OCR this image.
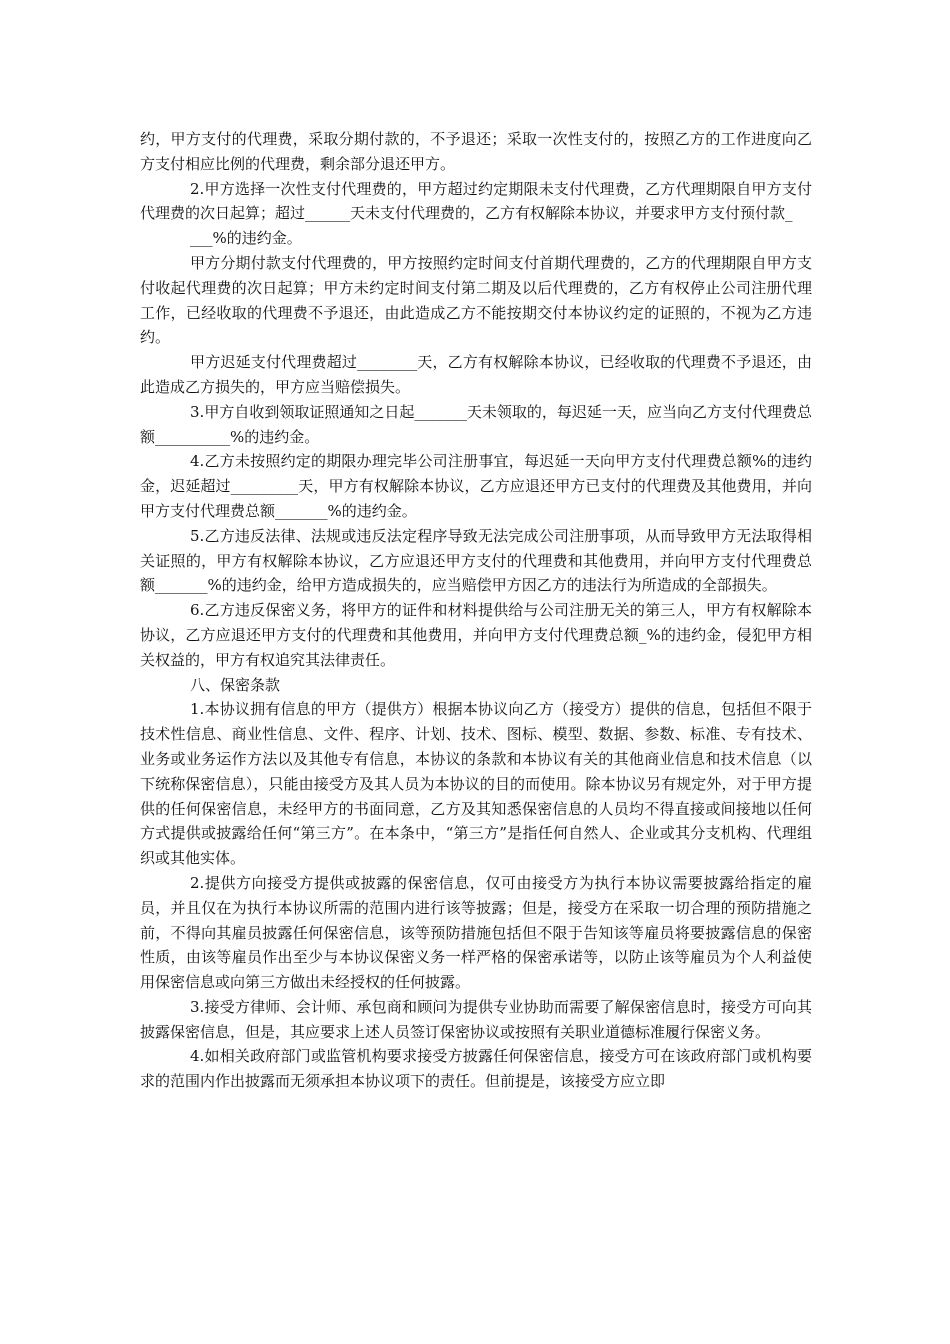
约，甲方支付的代理费，采取分期付款的，不予退还；采取一次性支付的，按照乙方的工作进度向乙方支付相应比例的代理费，剩余部分退还甲方。

2.甲方选择一次性支付代理费的，甲方超过约定期限未支付代理费，乙方代理期限自甲方支付代理费的次日起算；超过______天未支付代理费的，乙方有权解除本协议，并要求甲方支付预付款_

___%的违约金。

甲方分期付款支付代理费的，甲方按照约定时间支付首期代理费的，乙方的代理期限自甲方支付收起代理费的次日起算；甲方未约定时间支付第二期及以后代理费的，乙方有权停止公司注册代理工作，已经收取的代理费不予退还，由此造成乙方不能按期交付本协议约定的证照的，不视为乙方违约。

甲方迟延支付代理费超过________天，乙方有权解除本协议，已经收取的代理费不予退还，由此造成乙方损失的，甲方应当赔偿损失。

3.甲方自收到领取证照通知之日起_______天未领取的，每迟延一天，应当向乙方支付代理费总额__________%的违约金。

4.乙方未按照约定的期限办理完毕公司注册事宜，每迟延一天向甲方支付代理费总额%的违约金，迟延超过_________天，甲方有权解除本协议，乙方应退还甲方已支付的代理费及其他费用，并向甲方支付代理费总额_______%的违约金。

5.乙方违反法律、法规或违反法定程序导致无法完成公司注册事项，从而导致甲方无法取得相关证照的，甲方有权解除本协议，乙方应退还甲方支付的代理费和其他费用，并向甲方支付代理费总额_______%的违约金，给甲方造成损失的，应当赔偿甲方因乙方的违法行为所造成的全部损失。

6.乙方违反保密义务，将甲方的证件和材料提供给与公司注册无关的第三人，甲方有权解除本协议，乙方应退还甲方支付的代理费和其他费用，并向甲方支付代理费总额_%的违约金，侵犯甲方相关权益的，甲方有权追究其法律责任。

八、保密条款

1.本协议拥有信息的甲方（提供方）根据本协议向乙方（接受方）提供的信息，包括但不限于技术性信息、商业性信息、文件、程序、计划、技术、图标、模型、数据、参数、标准、专有技术、业务或业务运作方法以及其他专有信息，本协议的条款和本协议有关的其他商业信息和技术信息（以下统称保密信息），只能由接受方及其人员为本协议的目的而使用。除本协议另有规定外，对于甲方提供的任何保密信息，未经甲方的书面同意，乙方及其知悉保密信息的人员均不得直接或间接地以任何方式提供或披露给任何“第三方”。在本条中，“第三方”是指任何自然人、企业或其分支机构、代理组织或其他实体。

2.提供方向接受方提供或披露的保密信息，仅可由接受方为执行本协议需要披露给指定的雇员，并且仅在为执行本协议所需的范围内进行该等披露；但是，接受方在采取一切合理的预防措施之前，不得向其雇员披露任何保密信息，该等预防措施包括但不限于告知该等雇员将要披露信息的保密性质，由该等雇员作出至少与本协议保密义务一样严格的保密承诺等，以防止该等雇员为个人利益使用保密信息或向第三方做出未经授权的任何披露。

3.接受方律师、会计师、承包商和顾问为提供专业协助而需要了解保密信息时，接受方可向其披露保密信息，但是，其应要求上述人员签订保密协议或按照有关职业道德标准履行保密义务。

4.如相关政府部门或监管机构要求接受方披露任何保密信息，接受方可在该政府部门或机构要求的范围内作出披露而无须承担本协议项下的责任。但前提是，该接受方应立即
